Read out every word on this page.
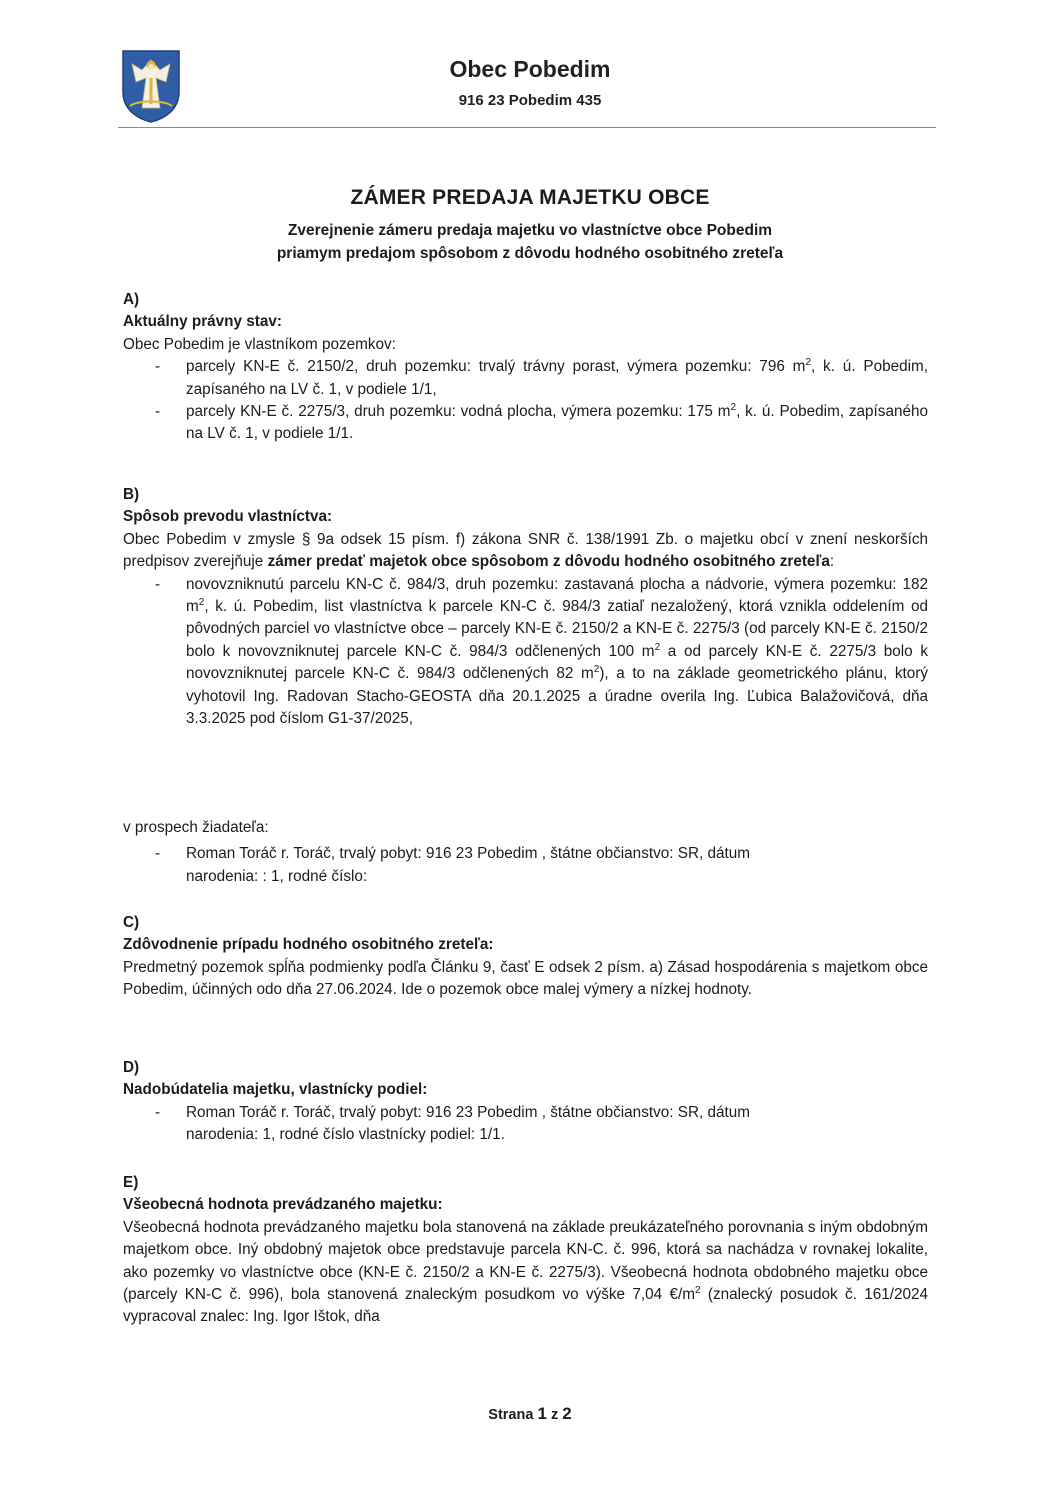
Obec Pobedim
916 23 Pobedim 435
ZÁMER PREDAJA MAJETKU OBCE
Zverejnenie zámeru predaja majetku vo vlastníctve obce Pobedim
priamym predajom spôsobom z dôvodu hodného osobitného zreteľa
A)
Aktuálny právny stav:
Obec Pobedim je vlastníkom pozemkov:
- parcely KN-E č. 2150/2, druh pozemku: trvalý trávny porast, výmera pozemku: 796 $m^2$, k. ú. Pobedim, zapísaného na LV č. 1, v podiele 1/1,
- parcely KN-E č. 2275/3, druh pozemku: vodná plocha, výmera pozemku: 175 $m^2$, k. ú. Pobedim, zapísaného na LV č. 1, v podiele 1/1.
B)
Spôsob prevodu vlastníctva:
Obec Pobedim v zmysle § 9a odsek 15 písm. f) zákona SNR č. 138/1991 Zb. o majetku obcí v znení neskorších predpisov zverejňuje zámer predať majetok obce spôsobom z dôvodu hodného osobitného zreteľa:
- novovzniknutú parcelu KN-C č. 984/3, druh pozemku: zastavaná plocha a nádvorie, výmera pozemku: 182 $m^2$, k. ú. Pobedim, list vlastníctva k parcele KN-C č. 984/3 zatiaľ nezaložený, ktorá vznikla oddelením od pôvodných parciel vo vlastníctve obce – parcely KN-E č. 2150/2 a KN-E č. 2275/3 (od parcely KN-E č. 2150/2 bolo k novovzniknutej parcele KN-C č. 984/3 odčlenených 100 $m^2$ a od parcely KN-E č. 2275/3 bolo k novovzniknutej parcele KN-C č. 984/3 odčlenených 82 $m^2$), a to na základe geometrického plánu, ktorý vyhotovil Ing. Radovan Stacho-GEOSTA dňa 20.1.2025 a úradne overila Ing. Ľubica Balažovičová, dňa 3.3.2025 pod číslom G1-37/2025,
v prospech žiadateľa:
- Roman Toráč r. Toráč, trvalý pobyt: 916 23 Pobedim , štátne občianstvo: SR, dátum
narodenia: : 1, rodné číslo:
C)
Zdôvodnenie prípadu hodného osobitného zreteľa:
Predmetný pozemok spĺňa podmienky podľa Článku 9, časť E odsek 2 písm. a) Zásad hospodárenia s majetkom obce Pobedim, účinných odo dňa 27.06.2024. Ide o pozemok obce malej výmery a nízkej hodnoty.
D)
Nadobúdatelia majetku, vlastnícky podiel:
- Roman Toráč r. Toráč, trvalý pobyt: 916 23 Pobedim , štátne občianstvo: SR, dátum
narodenia: 1, rodné číslo vlastnícky podiel: 1/1.
E)
Všeobecná hodnota prevádzaného majetku:
Všeobecná hodnota prevádzaného majetku bola stanovená na základe preukázateľného porovnania s iným obdobným majetkom obce. Iný obdobný majetok obce predstavuje parcela KN-C. č. 996, ktorá sa nachádza v rovnakej lokalite, ako pozemky vo vlastníctve obce (KN-E č. 2150/2 a KN-E č. 2275/3). Všeobecná hodnota obdobného majetku obce (parcely KN-C č. 996), bola stanovená znaleckým posudkom vo výške 7,04 $€/m^2$ (znalecký posudok č. 161/2024 vypracoval znalec: Ing. Igor Ištok, dňa
Strana 1 z 2
